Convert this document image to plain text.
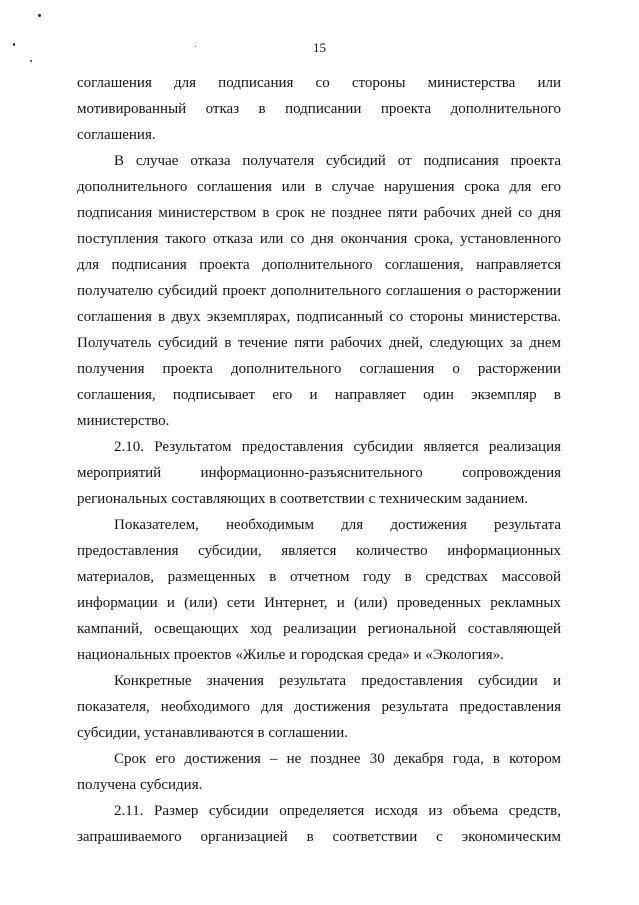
15
соглашения для подписания со стороны министерства или
мотивированный отказ в подписании проекта дополнительного
соглашения.
В случае отказа получателя субсидий от подписания проекта
дополнительного соглашения или в случае нарушения срока для его
подписания министерством в срок не позднее пяти рабочих дней со дня
поступления такого отказа или со дня окончания срока, установленного
для подписания проекта дополнительного соглашения, направляется
получателю субсидий проект дополнительного соглашения о расторжении
соглашения в двух экземплярах, подписанный со стороны министерства.
Получатель субсидий в течение пяти рабочих дней, следующих за днем
получения проекта дополнительного соглашения о расторжении
соглашения, подписывает его и направляет один экземпляр в
министерство.
2.10. Результатом предоставления субсидии является реализация
мероприятий информационно-разъяснительного сопровождения
региональных составляющих в соответствии с техническим заданием.
Показателем, необходимым для достижения результата
предоставления субсидии, является количество информационных
материалов, размещенных в отчетном году в средствах массовой
информации и (или) сети Интернет, и (или) проведенных рекламных
кампаний, освещающих ход реализации региональной составляющей
национальных проектов «Жилье и городская среда» и «Экология».
Конкретные значения результата предоставления субсидии и
показателя, необходимого для достижения результата предоставления
субсидии, устанавливаются в соглашении.
Срок его достижения – не позднее 30 декабря года, в котором
получена субсидия.
2.11. Размер субсидии определяется исходя из объема средств,
запрашиваемого организацией в соответствии с экономическим
